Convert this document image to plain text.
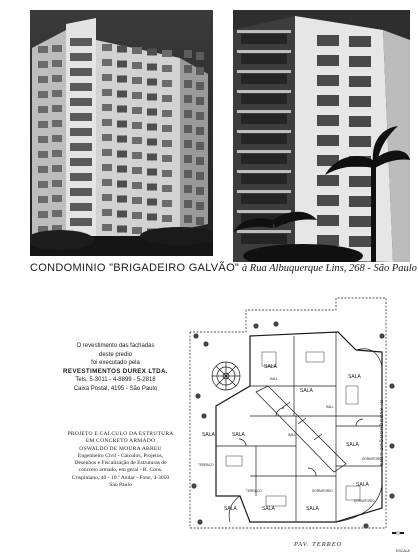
CONDOMINIO "BRIGADEIRO GALVÃO" à Rua Albuquerque Lins, 268 - São Paulo
O revestimento das fachadas
deste predio
foi executado pela
REVESTIMENTOS DUREX LTDA.
Tels. 5-3011 - 4-8899 - 5-2818
Caixa Postal, 4195 - São Paulo
PROJETO E CALCULO DA ESTRUTURA
EM CONCRETO ARMADO
OSWALDO DE MOURA ABREU
Engenheiro Civil - Calculos, Projetos,
Desenhos e Fiscalização de Estruturas de
concreto armado, em geral - R. Cons.
Crispiniano, 40 - 10.º Andar - Fone, 4-3050
São Paulo
SALA
SALA
SALA
SALA
SALA	SALA
SALA
SALA	SALA	SALA
HALL
HALL
HALL
DORMITORIO
DORMITORIO
DORMITORIO
TERRAÇO
TERRAÇO
R. ALBUQUERQUE LINS
PAV. TERREO
ESCALA
